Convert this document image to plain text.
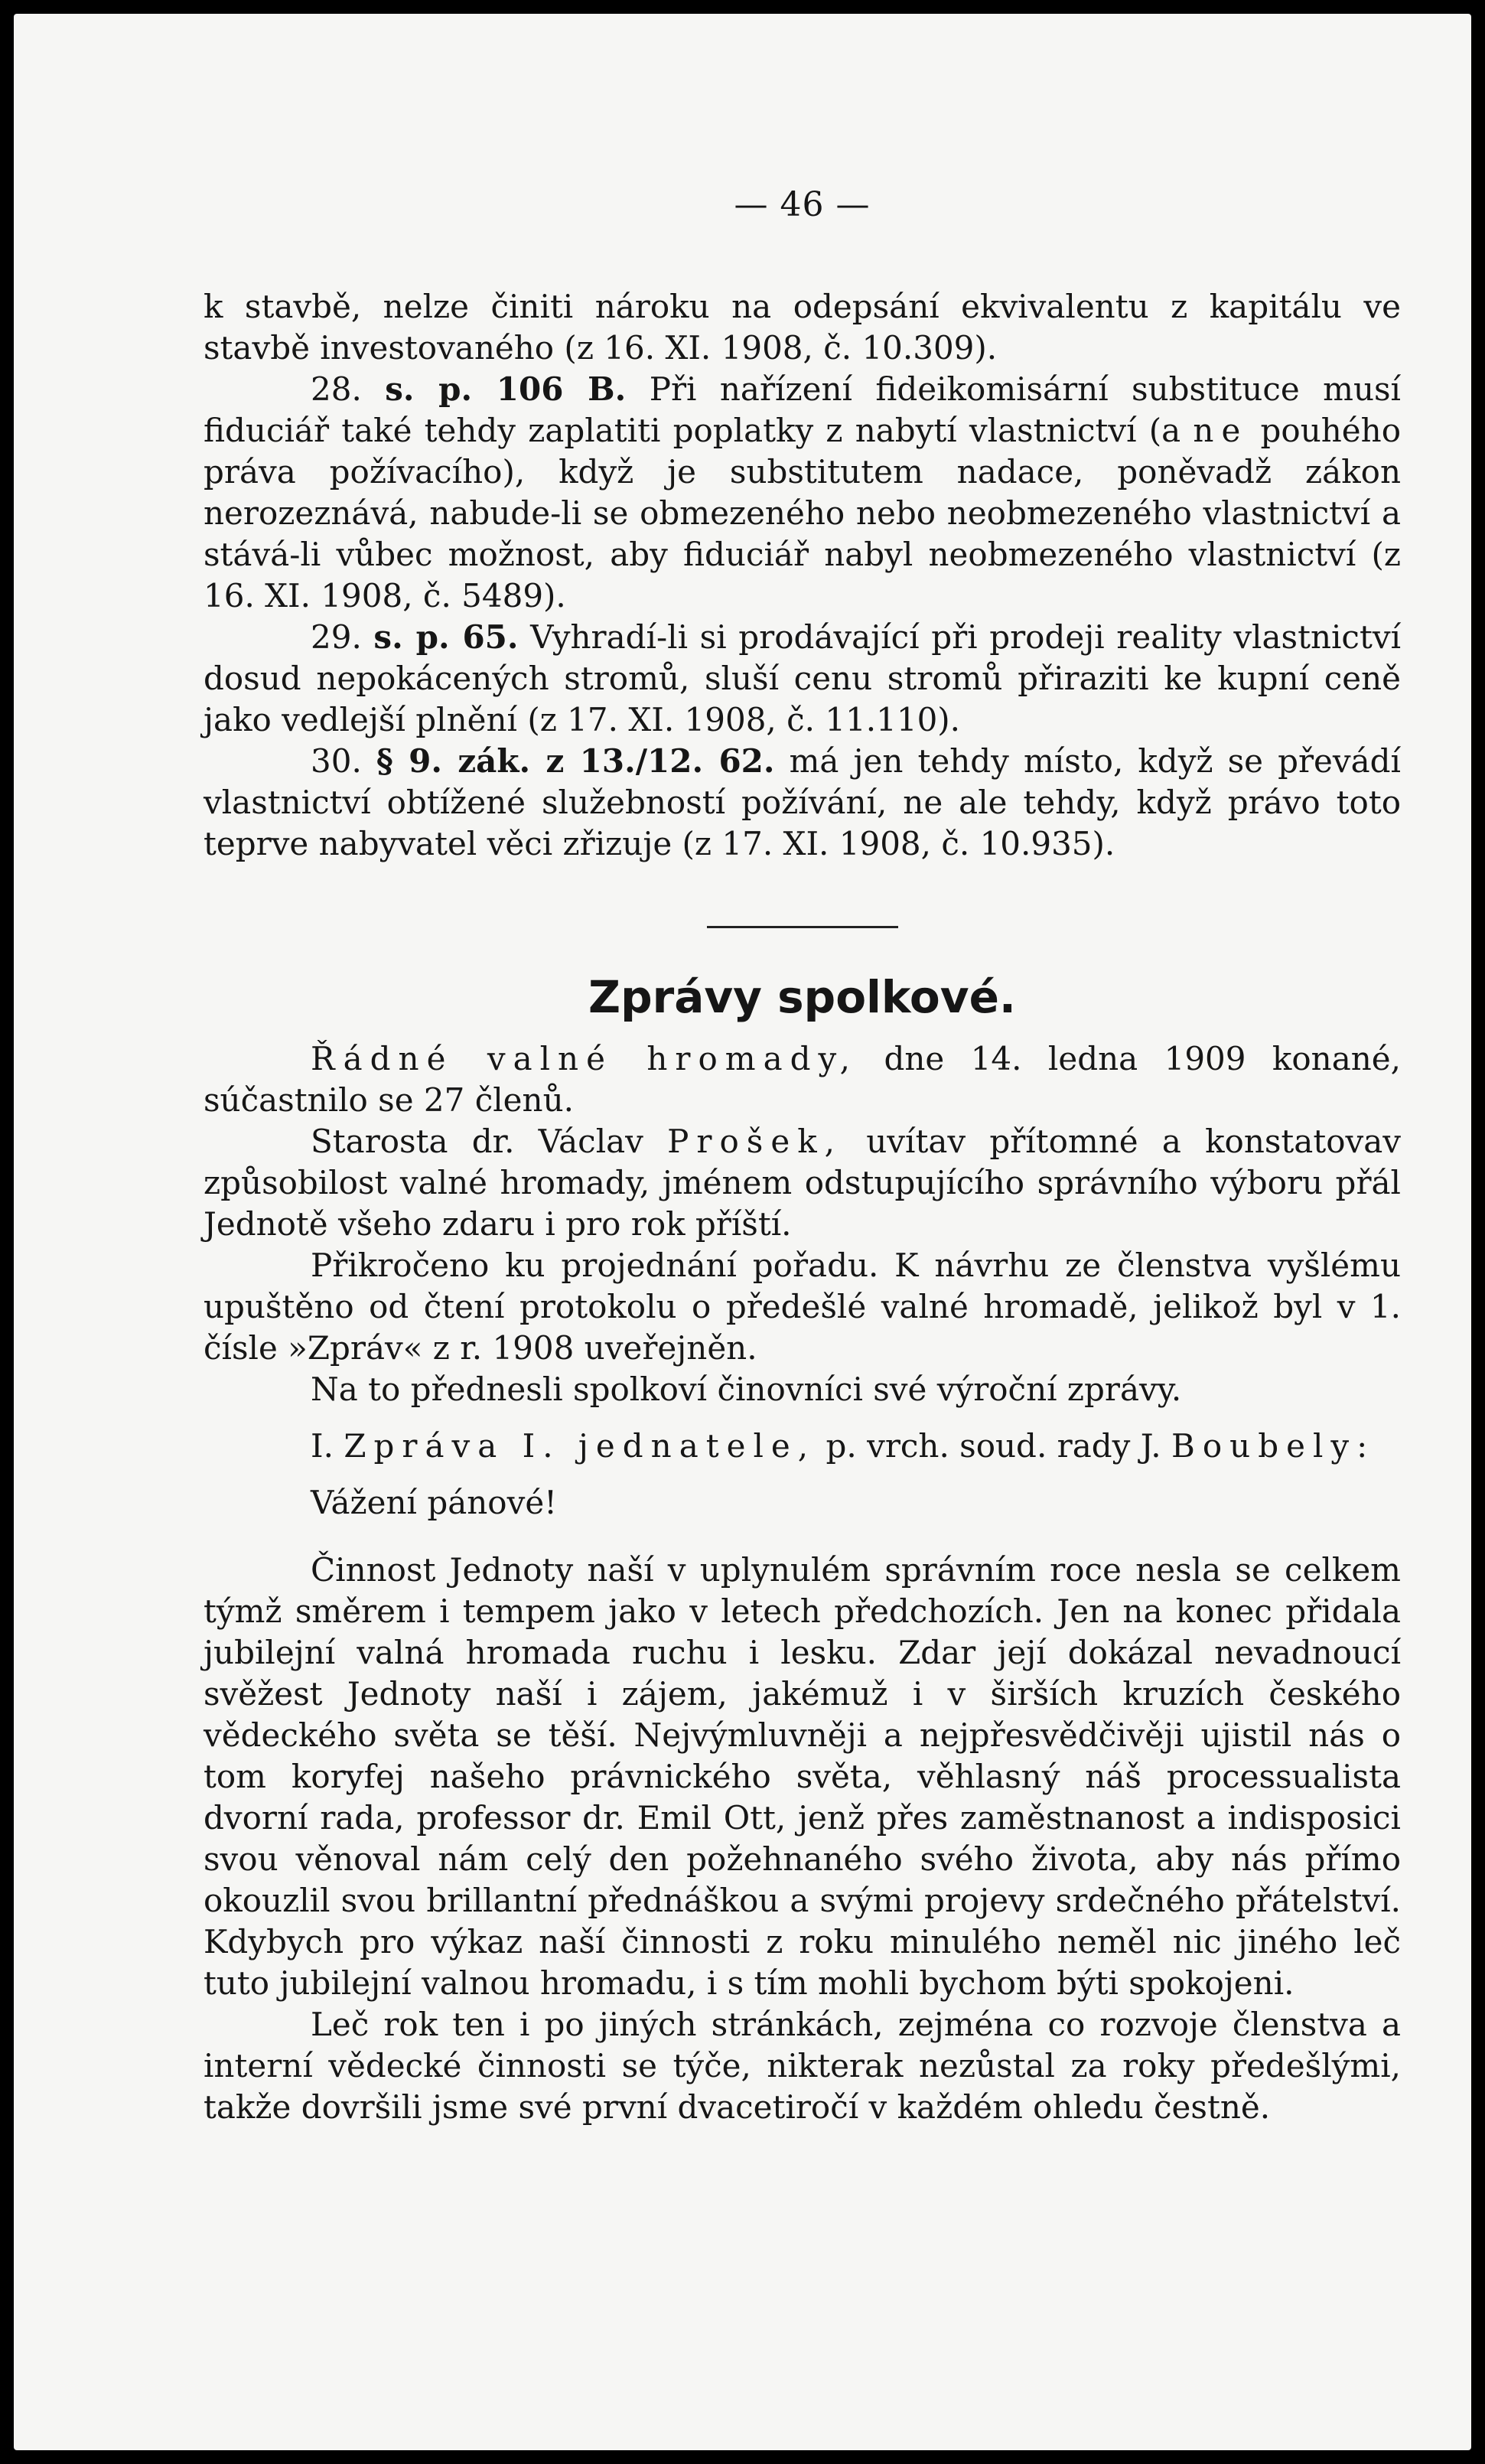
— 46 —

k stavbě, nelze činiti nároku na odepsání ekvivalentu z kapitálu ve stavbě investovaného (z 16. XI. 1908, č. 10.309).

28. s. p. 106 B. Při nařízení fideikomisární substituce musí fiduciář také tehdy zaplatiti poplatky z nabytí vlastnictví (a ne pouhého práva požívacího), když je substitutem nadace, poněvadž zákon nerozeznává, nabude-li se obmezeného nebo neobmezeného vlastnictví a stává-li vůbec možnost, aby fiduciář nabyl neobmezeného vlastnictví (z 16. XI. 1908, č. 5489).

29. s. p. 65. Vyhradí-li si prodávající při prodeji reality vlastnictví dosud nepokácených stromů, sluší cenu stromů přiraziti ke kupní ceně jako vedlejší plnění (z 17. XI. 1908, č. 11.110).

30. § 9. zák. z 13./12. 62. má jen tehdy místo, když se převádí vlastnictví obtížené služebností požívání, ne ale tehdy, když právo toto teprve nabyvatel věci zřizuje (z 17. XI. 1908, č. 10.935).

Zprávy spolkové.

Řádné valné hromady, dne 14. ledna 1909 konané, súčastnilo se 27 členů.

Starosta dr. Václav Prošek, uvítav přítomné a konstatovav způsobilost valné hromady, jménem odstupujícího správního výboru přál Jednotě všeho zdaru i pro rok příští.

Přikročeno ku projednání pořadu. K návrhu ze členstva vyšlému upuštěno od čtení protokolu o předešlé valné hromadě, jelikož byl v 1. čísle »Zpráv« z r. 1908 uveřejněn.

Na to přednesli spolkoví činovníci své výroční zprávy.

I. Zpráva I. jednatele, p. vrch. soud. rady J. Boubely:

Vážení pánové!

Činnost Jednoty naší v uplynulém správním roce nesla se celkem týmž směrem i tempem jako v letech předchozích. Jen na konec přidala jubilejní valná hromada ruchu i lesku. Zdar její dokázal nevadnoucí svěžest Jednoty naší i zájem, jakémuž i v širších kruzích českého vědeckého světa se těší. Nejvýmluvněji a nejpřesvědčivěji ujistil nás o tom koryfej našeho právnického světa, věhlasný náš processualista dvorní rada, professor dr. Emil Ott, jenž přes zaměstnanost a indisposici svou věnoval nám celý den požehnaného svého života, aby nás přímo okouzlil svou brillantní přednáškou a svými projevy srdečného přátelství. Kdybych pro výkaz naší činnosti z roku minulého neměl nic jiného leč tuto jubilejní valnou hromadu, i s tím mohli bychom býti spokojeni.

Leč rok ten i po jiných stránkách, zejména co rozvoje členstva a interní vědecké činnosti se týče, nikterak nezůstal za roky předešlými, takže dovršili jsme své první dvacetiročí v každém ohledu čestně.
